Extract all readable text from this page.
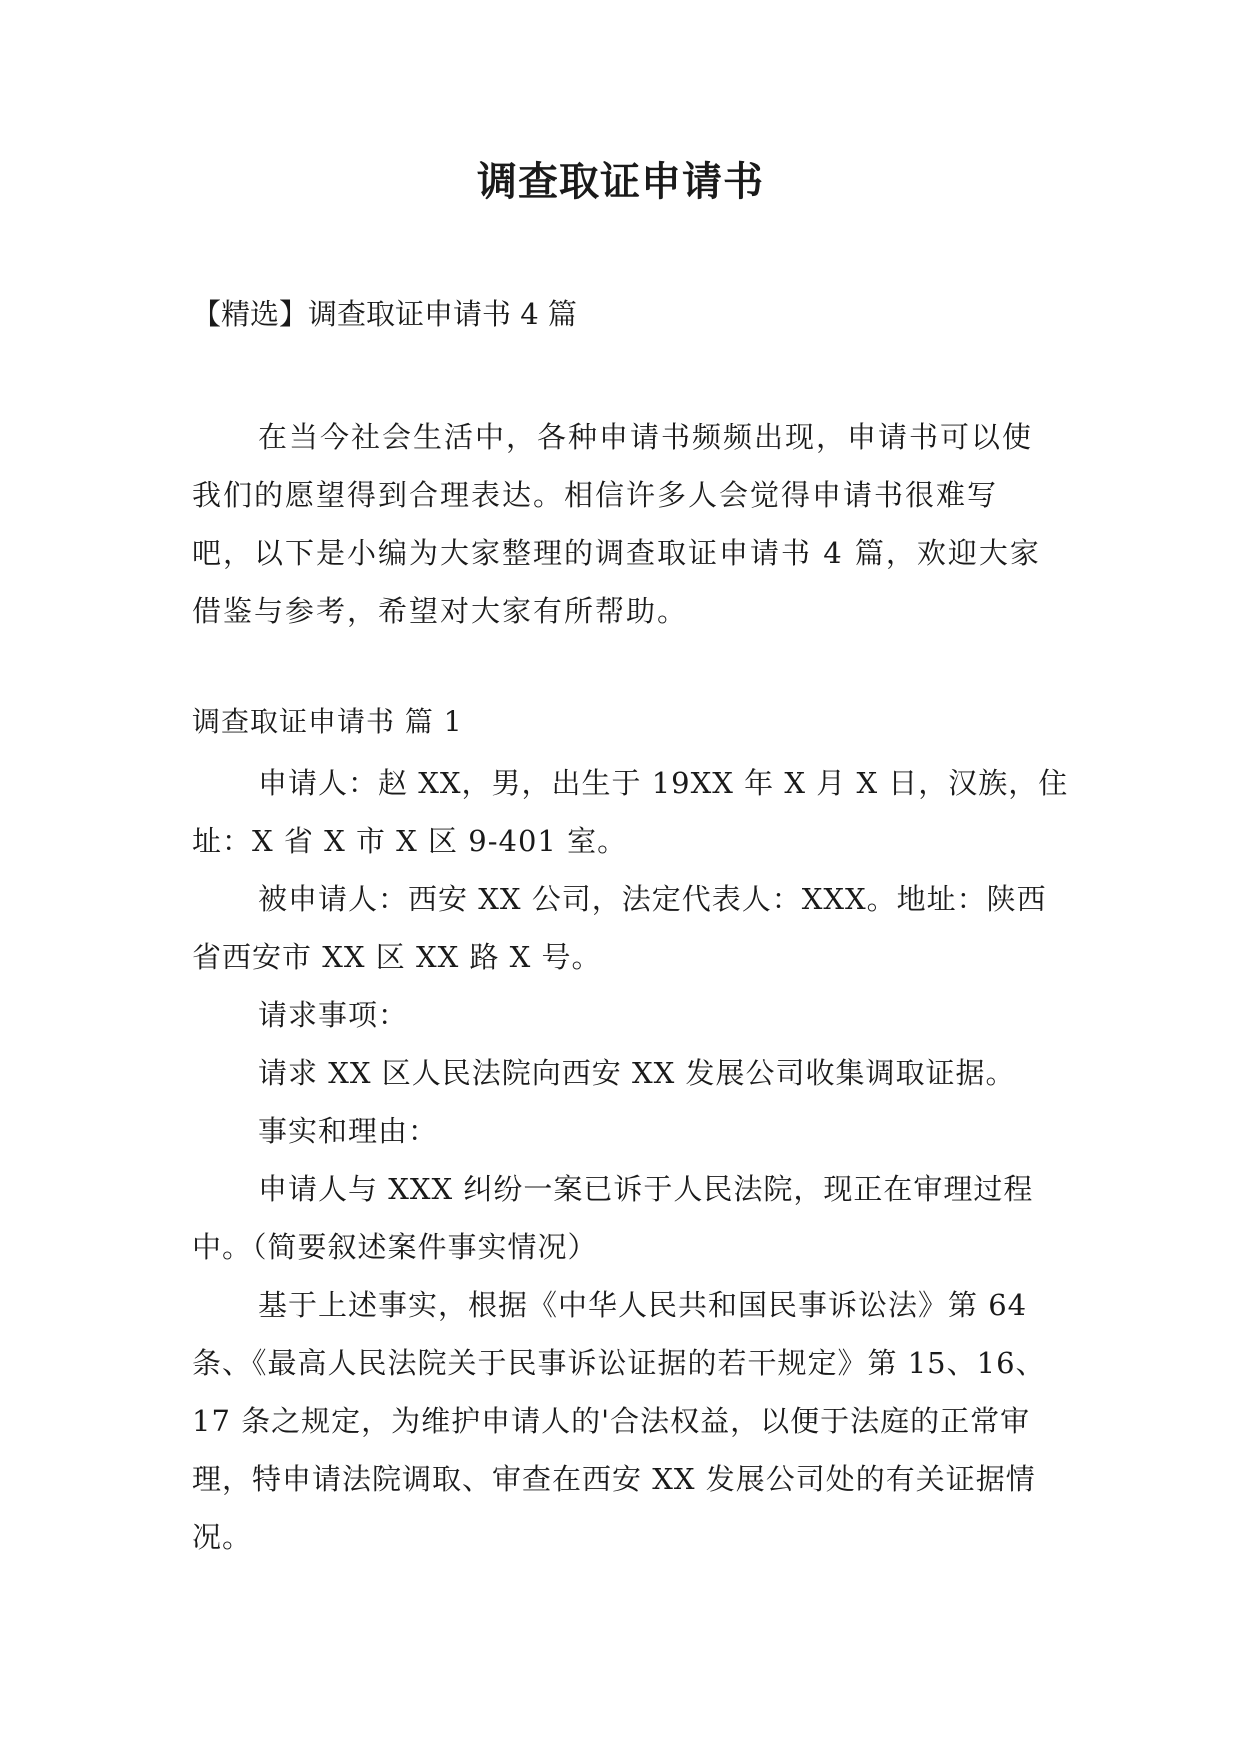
调查取证申请书

【精选】调查取证申请书 4 篇

在当今社会生活中，各种申请书频频出现，申请书可以使我们的愿望得到合理表达。相信许多人会觉得申请书很难写吧，以下是小编为大家整理的调查取证申请书 4 篇，欢迎大家借鉴与参考，希望对大家有所帮助。

调查取证申请书 篇 1

申请人：赵 XX，男，出生于 19XX 年 X 月 X 日，汉族，住址：X 省 X 市 X 区 9-401 室。

被申请人：西安 XX 公司，法定代表人：XXX。地址：陕西省西安市 XX 区 XX 路 X 号。

请求事项：

请求 XX 区人民法院向西安 XX 发展公司收集调取证据。

事实和理由：

申请人与 XXX 纠纷一案已诉于人民法院，现正在审理过程中。（简要叙述案件事实情况）

基于上述事实，根据《中华人民共和国民事诉讼法》第 64 条、《最高人民法院关于民事诉讼证据的若干规定》第 15、16、17 条之规定，为维护申请人的'合法权益，以便于法庭的正常审理，特申请法院调取、审查在西安 XX 发展公司处的有关证据情况。
